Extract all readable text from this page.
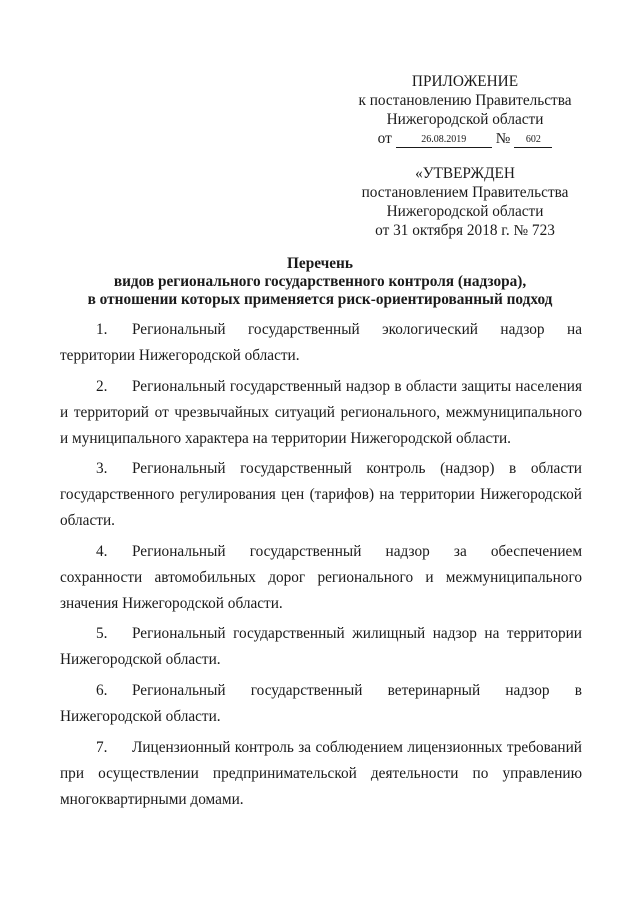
ПРИЛОЖЕНИЕ
к постановлению Правительства
Нижегородской области
от	26.08.2019	№	602
«УТВЕРЖДЕН
постановлением Правительства
Нижегородской области
от 31 октября 2018 г. № 723
Перечень
видов регионального государственного контроля (надзора),
в отношении которых применяется риск-ориентированный подход

1. Региональный государственный экологический надзор на территории Нижегородской области.

2. Региональный государственный надзор в области защиты населения и территорий от чрезвычайных ситуаций регионального, межмуниципального и муниципального характера на территории Нижегородской области.

3. Региональный государственный контроль (надзор) в области государственного регулирования цен (тарифов) на территории Нижегородской области.

4. Региональный государственный надзор за обеспечением сохранности автомобильных дорог регионального и межмуниципального значения Нижегородской области.

5. Региональный государственный жилищный надзор на территории Нижегородской области.

6. Региональный государственный ветеринарный надзор в Нижегородской области.

7. Лицензионный контроль за соблюдением лицензионных требований при осуществлении предпринимательской деятельности по управлению многоквартирными домами.
